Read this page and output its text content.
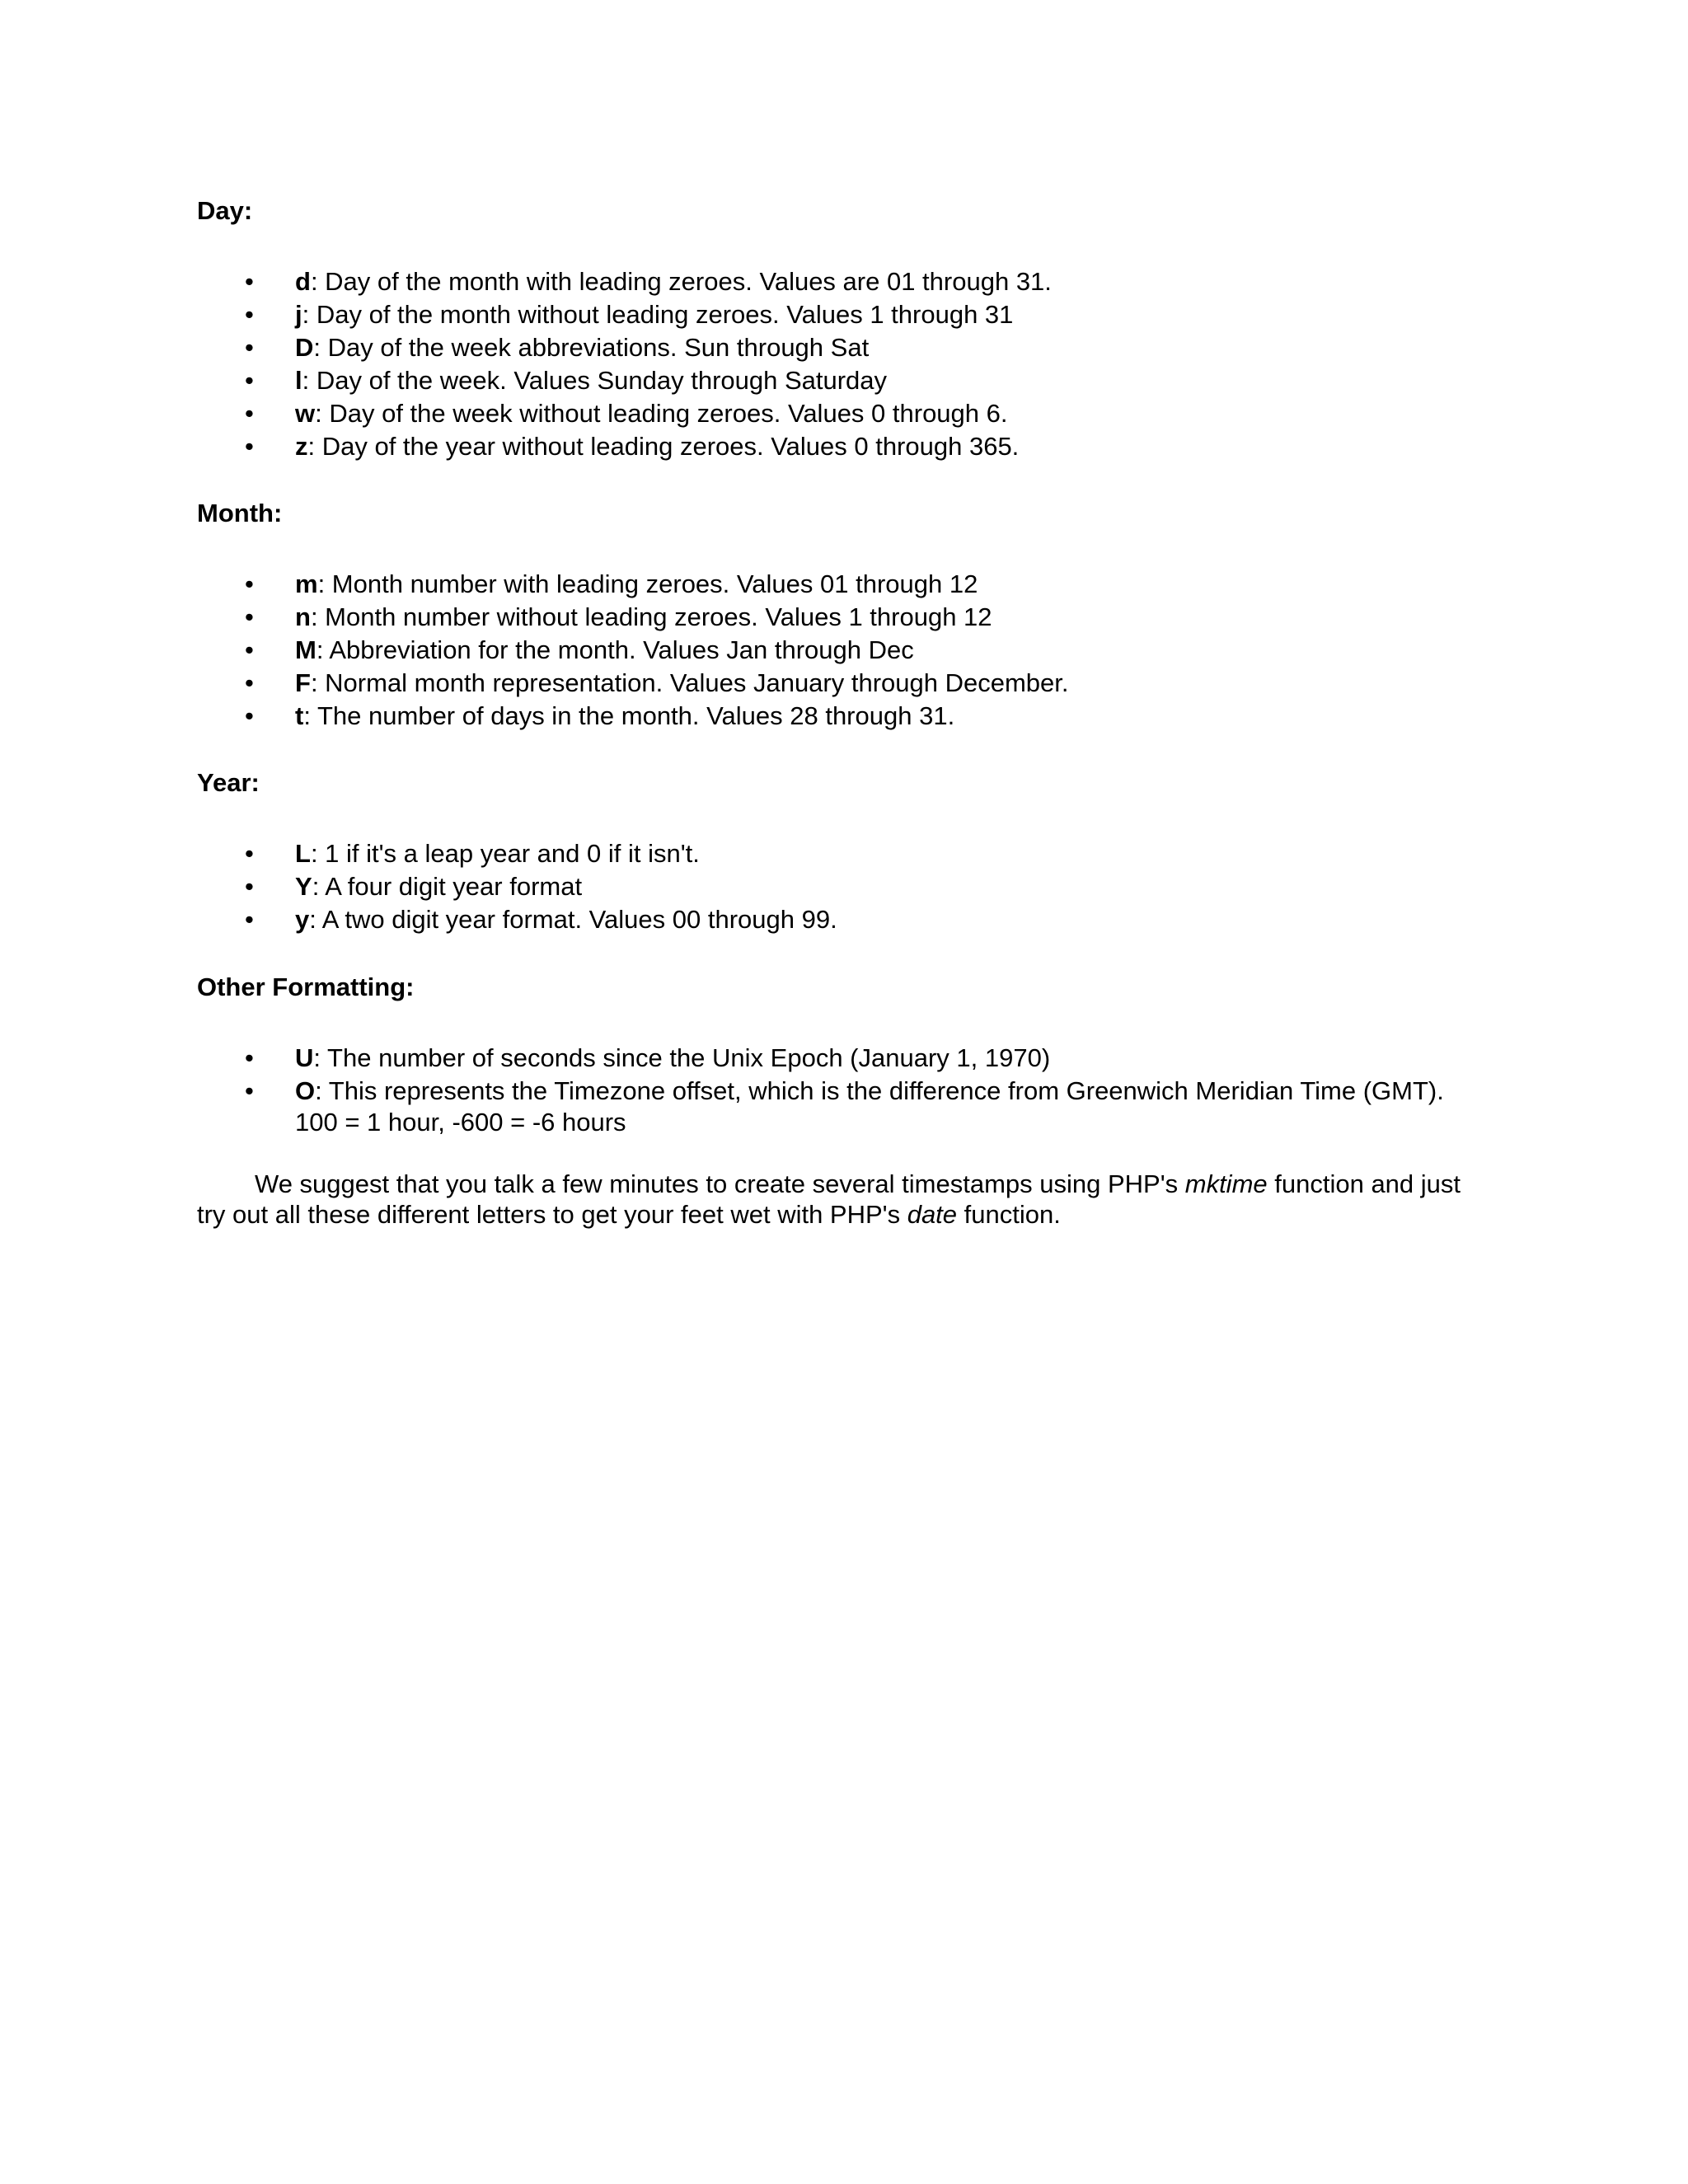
Day:
• d: Day of the month with leading zeroes. Values are 01 through 31.
• j: Day of the month without leading zeroes. Values 1 through 31
• D: Day of the week abbreviations. Sun through Sat
• l: Day of the week. Values Sunday through Saturday
• w: Day of the week without leading zeroes. Values 0 through 6.
• z: Day of the year without leading zeroes. Values 0 through 365.
Month:
• m: Month number with leading zeroes. Values 01 through 12
• n: Month number without leading zeroes. Values 1 through 12
• M: Abbreviation for the month. Values Jan through Dec
• F: Normal month representation. Values January through December.
• t: The number of days in the month. Values 28 through 31.
Year:
• L: 1 if it's a leap year and 0 if it isn't.
• Y: A four digit year format
• y: A two digit year format. Values 00 through 99.
Other Formatting:
• U: The number of seconds since the Unix Epoch (January 1, 1970)
• O: This represents the Timezone offset, which is the difference from Greenwich Meridian Time (GMT).
100 = 1 hour, -600 = -6 hours

We suggest that you talk a few minutes to create several timestamps using PHP's mktime function and just try out all these different letters to get your feet wet with PHP's date function.
